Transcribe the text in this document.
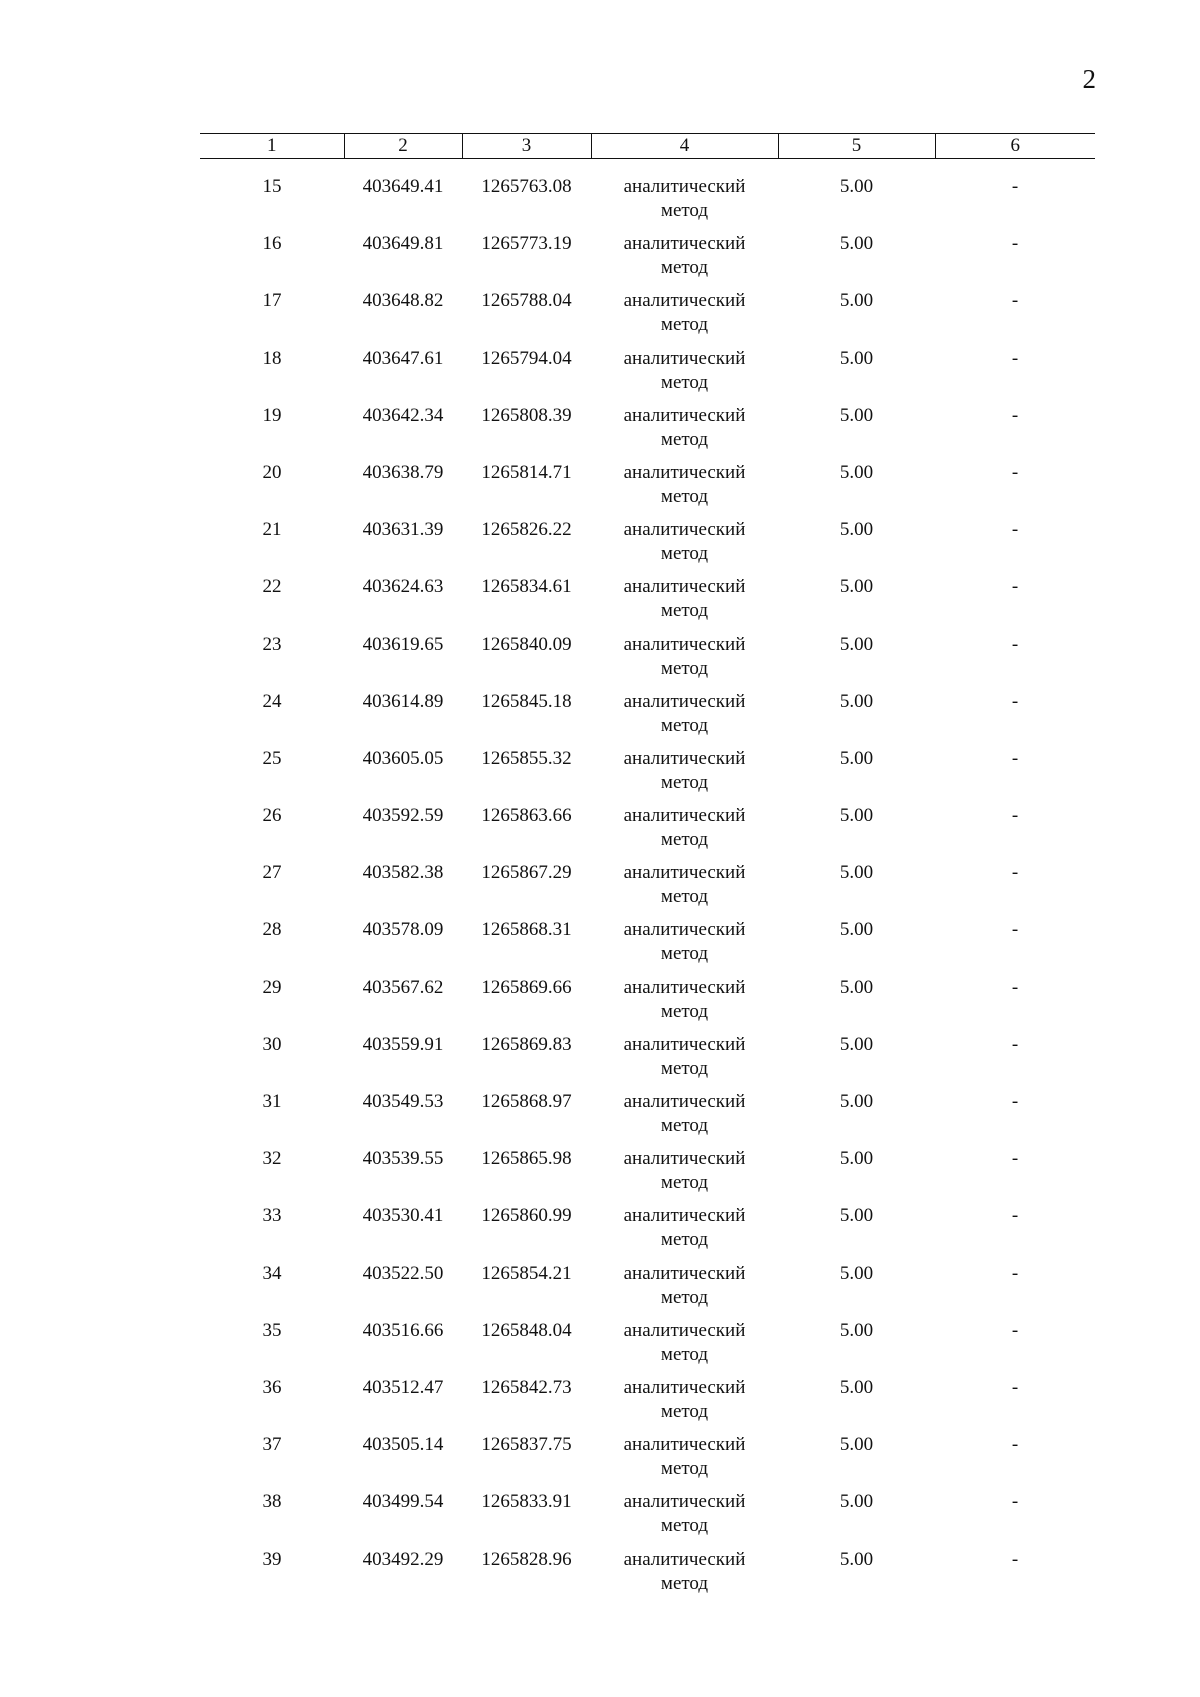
2
1	2	3	4	5	6
15	403649.41	1265763.08	аналитический
метод	5.00	-
16	403649.81	1265773.19	аналитический
метод	5.00	-
17	403648.82	1265788.04	аналитический
метод	5.00	-
18	403647.61	1265794.04	аналитический
метод	5.00	-
19	403642.34	1265808.39	аналитический
метод	5.00	-
20	403638.79	1265814.71	аналитический
метод	5.00	-
21	403631.39	1265826.22	аналитический
метод	5.00	-
22	403624.63	1265834.61	аналитический
метод	5.00	-
23	403619.65	1265840.09	аналитический
метод	5.00	-
24	403614.89	1265845.18	аналитический
метод	5.00	-
25	403605.05	1265855.32	аналитический
метод	5.00	-
26	403592.59	1265863.66	аналитический
метод	5.00	-
27	403582.38	1265867.29	аналитический
метод	5.00	-
28	403578.09	1265868.31	аналитический
метод	5.00	-
29	403567.62	1265869.66	аналитический
метод	5.00	-
30	403559.91	1265869.83	аналитический
метод	5.00	-
31	403549.53	1265868.97	аналитический
метод	5.00	-
32	403539.55	1265865.98	аналитический
метод	5.00	-
33	403530.41	1265860.99	аналитический
метод	5.00	-
34	403522.50	1265854.21	аналитический
метод	5.00	-
35	403516.66	1265848.04	аналитический
метод	5.00	-
36	403512.47	1265842.73	аналитический
метод	5.00	-
37	403505.14	1265837.75	аналитический
метод	5.00	-
38	403499.54	1265833.91	аналитический
метод	5.00	-
39	403492.29	1265828.96	аналитический
метод	5.00	-
